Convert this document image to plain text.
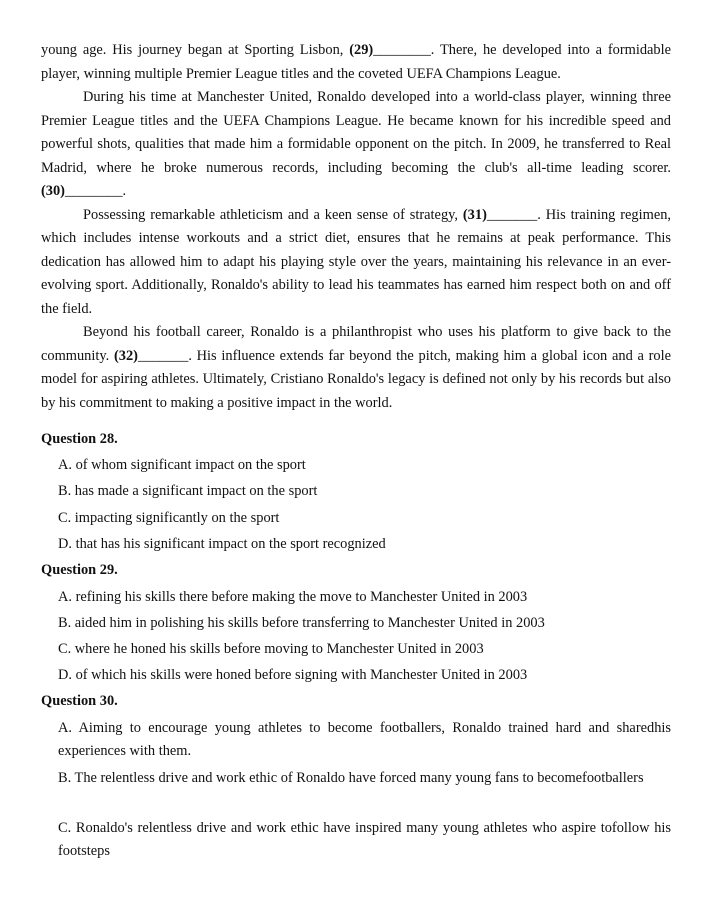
young age. His journey began at Sporting Lisbon, (29)________. There, he developed into a formidable player, winning multiple Premier League titles and the coveted UEFA Champions League.

During his time at Manchester United, Ronaldo developed into a world-class player, winning three Premier League titles and the UEFA Champions League. He became known for his incredible speed and powerful shots, qualities that made him a formidable opponent on the pitch. In 2009, he transferred to Real Madrid, where he broke numerous records, including becoming the club's all-time leading scorer. (30)________.

Possessing remarkable athleticism and a keen sense of strategy, (31)_______. His training regimen, which includes intense workouts and a strict diet, ensures that he remains at peak performance. This dedication has allowed him to adapt his playing style over the years, maintaining his relevance in an ever-evolving sport. Additionally, Ronaldo's ability to lead his teammates has earned him respect both on and off the field.

Beyond his football career, Ronaldo is a philanthropist who uses his platform to give back to the community. (32)_______. His influence extends far beyond the pitch, making him a global icon and a role model for aspiring athletes. Ultimately, Cristiano Ronaldo's legacy is defined not only by his records but also by his commitment to making a positive impact in the world.

Question 28.
A. of whom significant impact on the sport
B. has made a significant impact on the sport
C. impacting significantly on the sport
D. that has his significant impact on the sport recognized
Question 29.
A. refining his skills there before making the move to Manchester United in 2003
B. aided him in polishing his skills before transferring to Manchester United in 2003
C. where he honed his skills before moving to Manchester United in 2003
D. of which his skills were honed before signing with Manchester United in 2003
Question 30.
A. Aiming to encourage young athletes to become footballers, Ronaldo trained hard and sharedhis experiences with them.
B. The relentless drive and work ethic of Ronaldo have forced many young fans to becomefootballers
C. Ronaldo's relentless drive and work ethic have inspired many young athletes who aspire tofollow his footsteps
